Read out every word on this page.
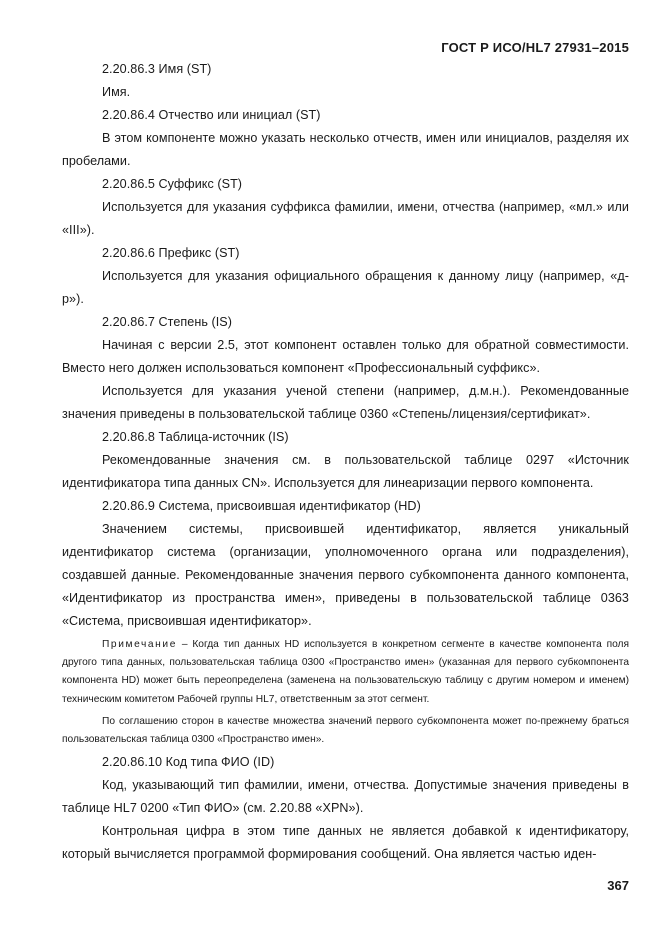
ГОСТ Р ИСО/HL7 27931–2015

2.20.86.3 Имя (ST)

Имя.

2.20.86.4 Отчество или инициал (ST)

В этом компоненте можно указать несколько отчеств, имен или инициалов, разделяя их пробелами.

2.20.86.5 Суффикс (ST)

Используется для указания суффикса фамилии, имени, отчества (например, «мл.» или «III»).

2.20.86.6 Префикс (ST)

Используется для указания официального обращения к данному лицу (например, «д-р»).

2.20.86.7 Степень (IS)

Начиная с версии 2.5, этот компонент оставлен только для обратной совместимости. Вместо него должен использоваться компонент «Профессиональный суффикс».

Используется для указания ученой степени (например, д.м.н.). Рекомендованные значения приведены в пользовательской таблице 0360 «Степень/лицензия/сертификат».

2.20.86.8 Таблица-источник (IS)

Рекомендованные значения см. в пользовательской таблице 0297 «Источник идентификатора типа данных CN». Используется для линеаризации первого компонента.

2.20.86.9 Система, присвоившая идентификатор (HD)

Значением системы, присвоившей идентификатор, является уникальный идентификатор система (организации, уполномоченного органа или подразделения), создавшей данные. Рекомендованные значения первого субкомпонента данного компонента, «Идентификатор из пространства имен», приведены в пользовательской таблице 0363 «Система, присвоившая идентификатор».

Примечание – Когда тип данных HD используется в конкретном сегменте в качестве компонента поля другого типа данных, пользовательская таблица 0300 «Пространство имен» (указанная для первого субкомпонента компонента HD) может быть переопределена (заменена на пользовательскую таблицу с другим номером и именем) техническим комитетом Рабочей группы HL7, ответственным за этот сегмент.

По соглашению сторон в качестве множества значений первого субкомпонента может по-прежнему браться пользовательская таблица 0300 «Пространство имен».

2.20.86.10 Код типа ФИО (ID)

Код, указывающий тип фамилии, имени, отчества. Допустимые значения приведены в таблице HL7 0200 «Тип ФИО» (см. 2.20.88 «XPN»).

Контрольная цифра в этом типе данных не является добавкой к идентификатору, который вычисляется программой формирования сообщений. Она является частью иден-

367
